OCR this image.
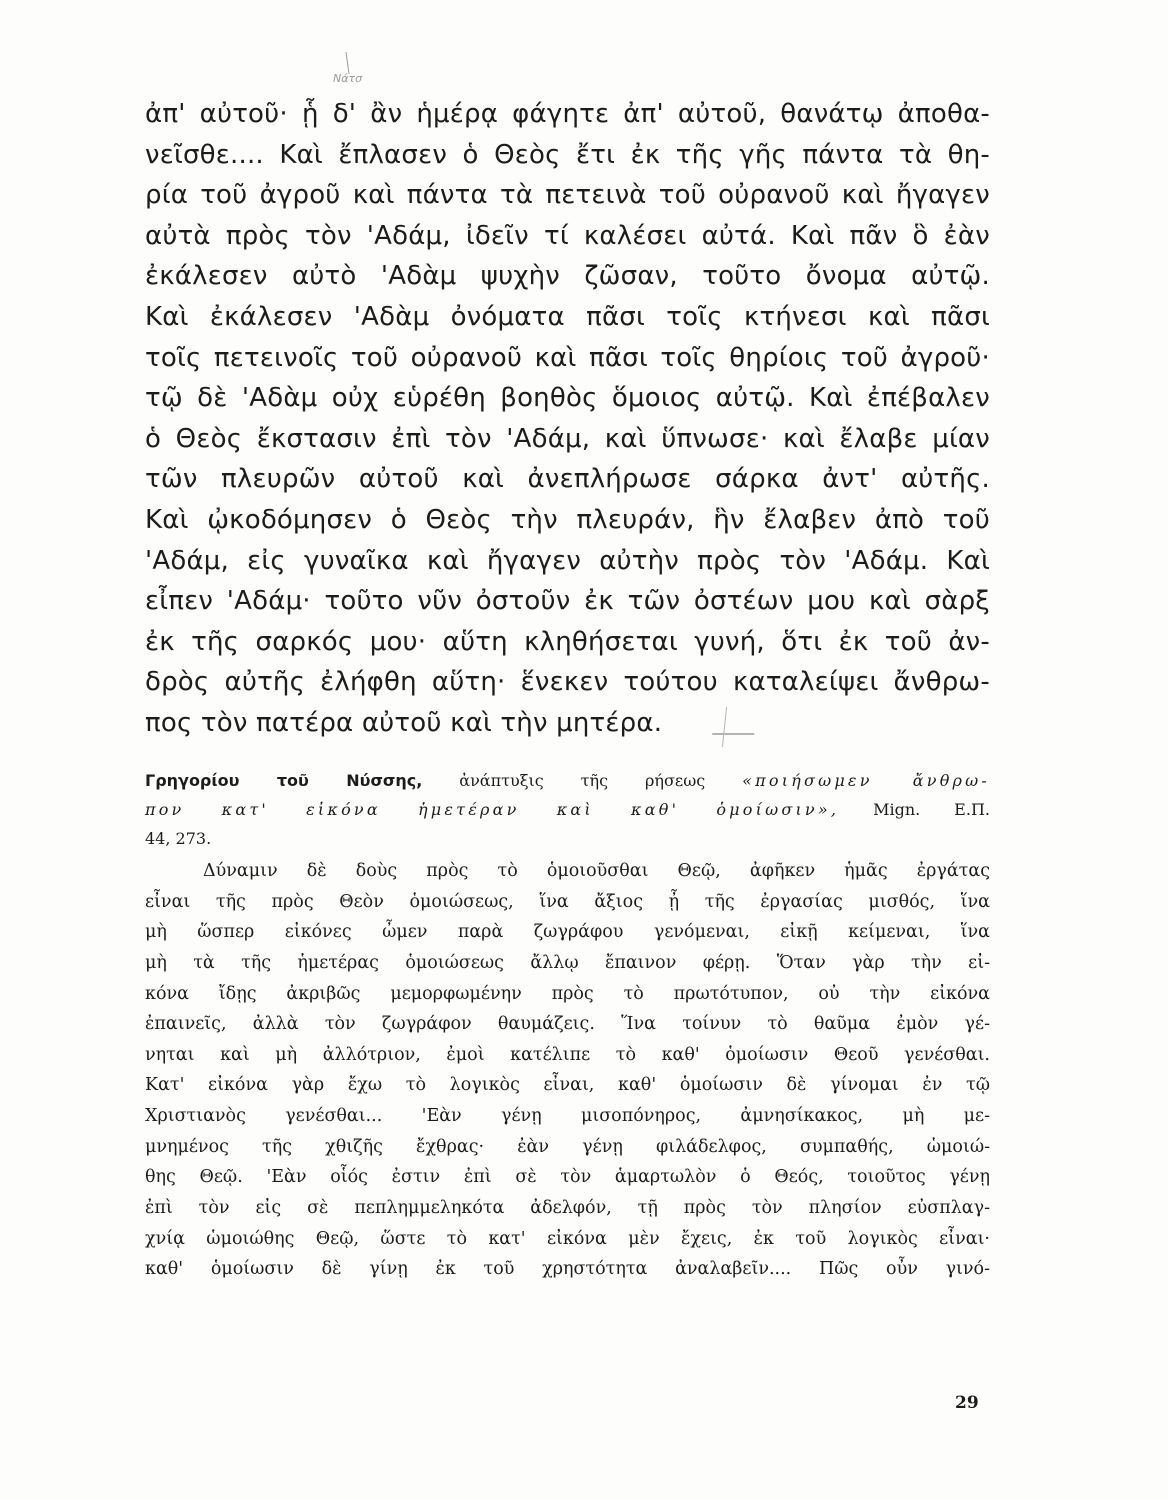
Νάτσ
ἀπ' αὐτοῦ· ᾗ δ' ἂν ἡμέρᾳ φάγητε ἀπ' αὐτοῦ, θανάτῳ ἀποθα-
νεῖσθε.... Καὶ ἔπλασεν ὁ Θεὸς ἔτι ἐκ τῆς γῆς πάντα τὰ θη-
ρία τοῦ ἀγροῦ καὶ πάντα τὰ πετεινὰ τοῦ οὐρανοῦ καὶ ἤγαγεν
αὐτὰ πρὸς τὸν 'Αδάμ, ἰδεῖν τί καλέσει αὐτά. Καὶ πᾶν ὃ ἐὰν
ἐκάλεσεν αὐτὸ 'Αδὰμ ψυχὴν ζῶσαν, τοῦτο ὄνομα αὐτῷ.
Καὶ ἐκάλεσεν 'Αδὰμ ὀνόματα πᾶσι τοῖς κτήνεσι καὶ πᾶσι
τοῖς πετεινοῖς τοῦ οὐρανοῦ καὶ πᾶσι τοῖς θηρίοις τοῦ ἀγροῦ·
τῷ δὲ 'Αδὰμ οὐχ εὑρέθη βοηθὸς ὅμοιος αὐτῷ. Καὶ ἐπέβαλεν
ὁ Θεὸς ἔκστασιν ἐπὶ τὸν 'Αδάμ, καὶ ὕπνωσε· καὶ ἔλαβε μίαν
τῶν πλευρῶν αὐτοῦ καὶ ἀνεπλήρωσε σάρκα ἀντ' αὐτῆς.
Καὶ ᾠκοδόμησεν ὁ Θεὸς τὴν πλευράν, ἣν ἔλαβεν ἀπὸ τοῦ
'Αδάμ, εἰς γυναῖκα καὶ ἤγαγεν αὐτὴν πρὸς τὸν 'Αδάμ. Καὶ
εἶπεν 'Αδάμ· τοῦτο νῦν ὀστοῦν ἐκ τῶν ὀστέων μου καὶ σὰρξ
ἐκ τῆς σαρκός μου· αὕτη κληθήσεται γυνή, ὅτι ἐκ τοῦ ἀν-
δρὸς αὐτῆς ἐλήφθη αὕτη· ἕνεκεν τούτου καταλείψει ἄνθρω-
πος τὸν πατέρα αὐτοῦ καὶ τὴν μητέρα.
Γρηγορίου τοῦ Νύσσης, ἀνάπτυξις τῆς ρήσεως «ποιήσωμεν ἄνθρω-
πον κατ' εἰκόνα ἡμετέραν καὶ καθ' ὁμοίωσιν», Mign. Ε.Π.
44, 273.
Δύναμιν δὲ δοὺς πρὸς τὸ ὁμοιοῦσθαι Θεῷ, ἀφῆκεν ἡμᾶς ἐργάτας
εἶναι τῆς πρὸς Θεὸν ὁμοιώσεως, ἵνα ἄξιος ᾖ τῆς ἐργασίας μισθός, ἵνα
μὴ ὥσπερ εἰκόνες ὦμεν παρὰ ζωγράφου γενόμεναι, εἰκῇ κείμεναι, ἵνα
μὴ τὰ τῆς ἡμετέρας ὁμοιώσεως ἄλλῳ ἔπαινον φέρῃ. Ὅταν γὰρ τὴν εἰ-
κόνα ἴδῃς ἀκριβῶς μεμορφωμένην πρὸς τὸ πρωτότυπον, οὐ τὴν εἰκόνα
ἐπαινεῖς, ἀλλὰ τὸν ζωγράφον θαυμάζεις. Ἵνα τοίνυν τὸ θαῦμα ἐμὸν γέ-
νηται καὶ μὴ ἀλλότριον, ἐμοὶ κατέλιπε τὸ καθ' ὁμοίωσιν Θεοῦ γενέσθαι.
Κατ' εἰκόνα γὰρ ἔχω τὸ λογικὸς εἶναι, καθ' ὁμοίωσιν δὲ γίνομαι ἐν τῷ
Χριστιανὸς γενέσθαι... 'Εὰν γένῃ μισοπόνηρος, ἀμνησίκακος, μὴ με-
μνημένος τῆς χθιζῆς ἔχθρας· ἐὰν γένῃ φιλάδελφος, συμπαθής, ὡμοιώ-
θης Θεῷ. 'Εὰν οἷός ἐστιν ἐπὶ σὲ τὸν ἁμαρτωλὸν ὁ Θεός, τοιοῦτος γένῃ
ἐπὶ τὸν εἰς σὲ πεπλημμεληκότα ἀδελφόν, τῇ πρὸς τὸν πλησίον εὐσπλαγ-
χνίᾳ ὡμοιώθης Θεῷ, ὥστε τὸ κατ' εἰκόνα μὲν ἔχεις, ἐκ τοῦ λογικὸς εἶναι·
καθ' ὁμοίωσιν δὲ γίνῃ ἐκ τοῦ χρηστότητα ἀναλαβεῖν.... Πῶς οὖν γινό-
29
